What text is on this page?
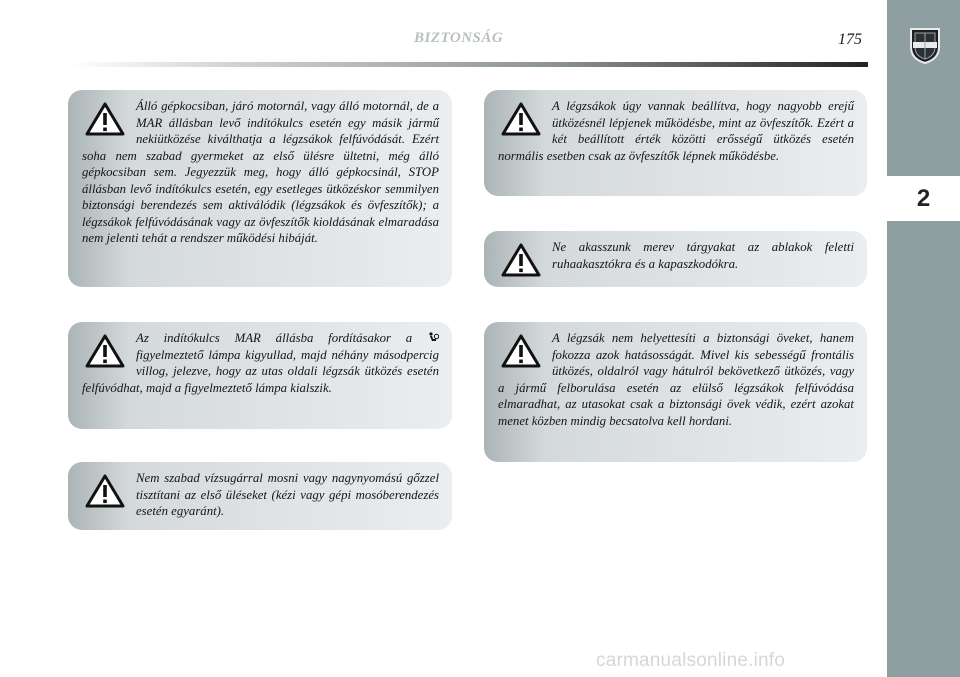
BIZTONSÁG	175
2

Álló gépkocsiban, járó motornál, vagy álló motornál, de a MAR állásban levő indítókulcs esetén egy másik jármű nekiütközése kiválthatja a légzsákok felfúvódását. Ezért soha nem szabad gyermeket az első ülésre ültetni, még álló gépkocsiban sem. Jegyezzük meg, hogy álló gépkocsinál, STOP állásban levő indítókulcs esetén, egy esetleges ütközéskor semmilyen biztonsági berendezés sem aktiválódik (légzsákok és övfeszítők); a légzsákok felfúvódásának vagy az övfeszítők kioldásának elmaradása nem jelenti tehát a rendszer működési hibáját.

Az indítókulcs MAR állásba fordításakor a
figyelmeztető lámpa kigyullad, majd néhány másodpercig villog, jelezve, hogy az utas oldali légzsák ütközés esetén felfúvódhat, majd a figyelmeztető lámpa kialszik.

Nem szabad vízsugárral mosni vagy nagynyomású gőzzel tisztítani az első üléseket (kézi vagy gépi mosóberendezés esetén egyaránt).

A légzsákok úgy vannak beállítva, hogy nagyobb erejű ütközésnél lépjenek működésbe, mint az övfeszítők. Ezért a két beállított érték közötti erősségű ütközés esetén normális esetben csak az övfeszítők lépnek működésbe.

Ne akasszunk merev tárgyakat az ablakok feletti ruhaakasztókra és a kapaszkodókra.

A légzsák nem helyettesíti a biztonsági öveket, hanem fokozza azok hatásosságát. Mivel kis sebességű frontális ütközés, oldalról vagy hátulról bekövetkező ütközés, vagy a jármű felborulása esetén az elülső légzsákok felfúvódása elmaradhat, az utasokat csak a biztonsági övek védik, ezért azokat menet közben mindig becsatolva kell hordani.

carmanualsonline.info
